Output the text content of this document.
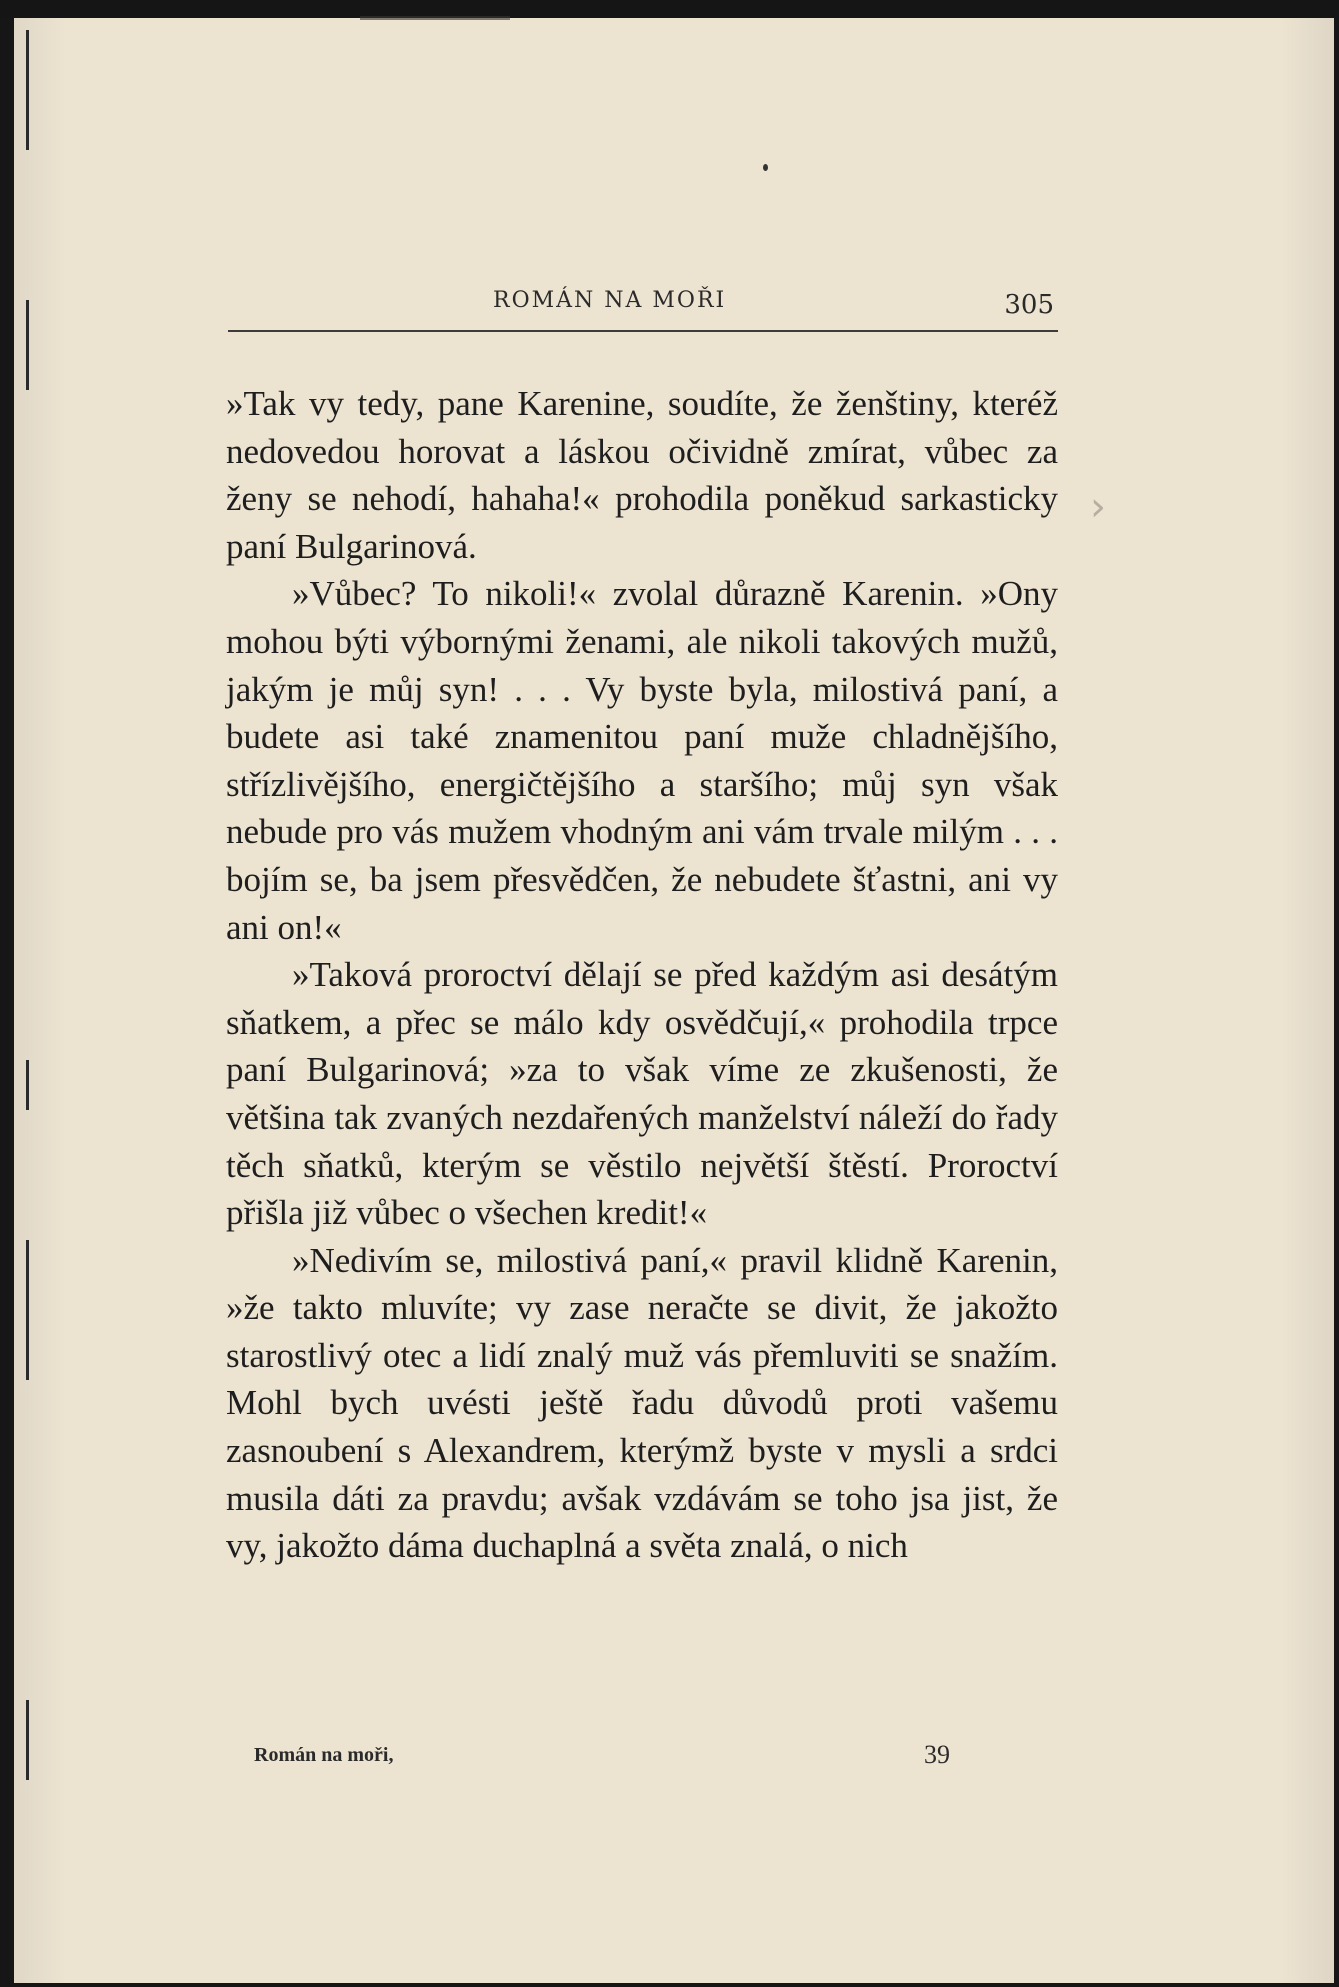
ROMÁN NA MOŘI	305

»Tak vy tedy, pane Karenine, soudíte, že ženštiny, kteréž nedovedou horovat a láskou očividně zmírat, vůbec za ženy se nehodí, hahaha!« prohodila poněkud sarkasticky paní Bulgarinová.

»Vůbec? To nikoli!« zvolal důrazně Karenin. »Ony mohou býti výbornými ženami, ale nikoli takových mužů, jakým je můj syn! . . . Vy byste byla, milostivá paní, a budete asi také znamenitou paní muže chladnějšího, střízlivějšího, energičtějšího a staršího; můj syn však nebude pro vás mužem vhodným ani vám trvale milým . . . bojím se, ba jsem přesvědčen, že nebudete šťastni, ani vy ani on!«

»Taková proroctví dělají se před každým asi desátým sňatkem, a přec se málo kdy osvědčují,« prohodila trpce paní Bulgarinová; »za to však víme ze zkušenosti, že většina tak zvaných nezdařených manželství náleží do řady těch sňatků, kterým se věstilo největší štěstí. Proroctví přišla již vůbec o všechen kredit!«

»Nedivím se, milostivá paní,« pravil klidně Karenin, »že takto mluvíte; vy zase neračte se divit, že jakožto starostlivý otec a lidí znalý muž vás přemluviti se snažím. Mohl bych uvésti ještě řadu důvodů proti vašemu zasnoubení s Alexandrem, kterýmž byste v mysli a srdci musila dáti za pravdu; avšak vzdávám se toho jsa jist, že vy, jakožto dáma duchaplná a světa znalá, o nich

›
Román na moři,	39
